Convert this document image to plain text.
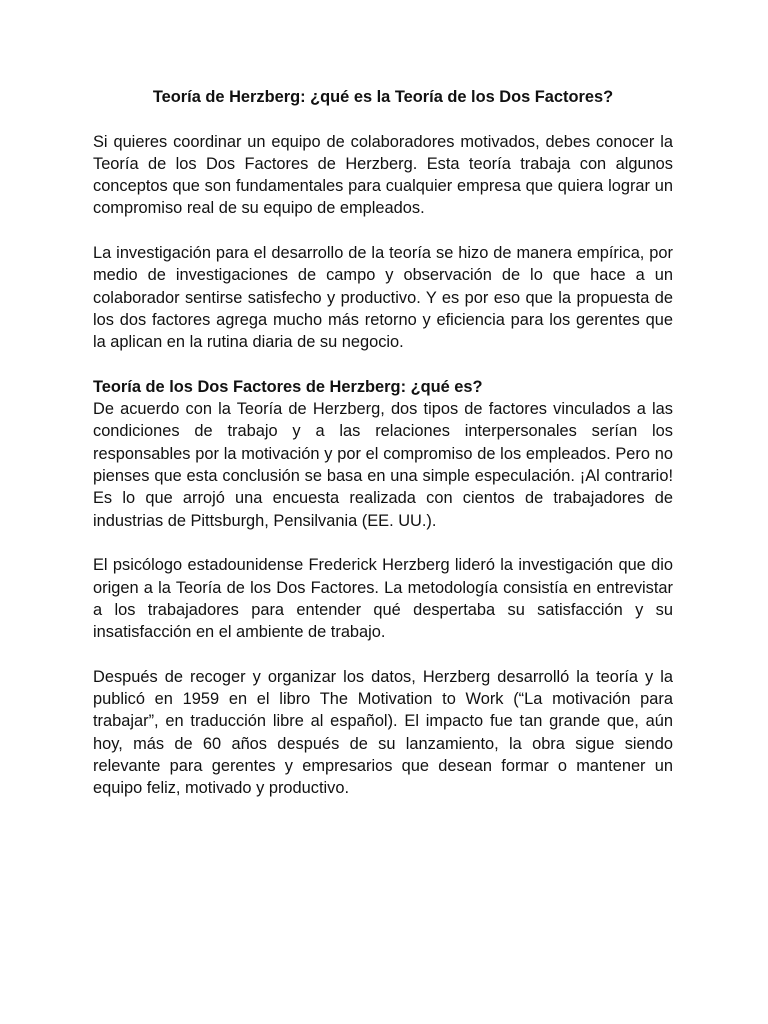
Teoría de Herzberg: ¿qué es la Teoría de los Dos Factores?

Si quieres coordinar un equipo de colaboradores motivados, debes conocer la Teoría de los Dos Factores de Herzberg. Esta teoría trabaja con algunos conceptos que son fundamentales para cualquier empresa que quiera lograr un compromiso real de su equipo de empleados.

La investigación para el desarrollo de la teoría se hizo de manera empírica, por medio de investigaciones de campo y observación de lo que hace a un colaborador sentirse satisfecho y productivo. Y es por eso que la propuesta de los dos factores agrega mucho más retorno y eficiencia para los gerentes que la aplican en la rutina diaria de su negocio.

Teoría de los Dos Factores de Herzberg: ¿qué es?

De acuerdo con la Teoría de Herzberg, dos tipos de factores vinculados a las condiciones de trabajo y a las relaciones interpersonales serían los responsables por la motivación y por el compromiso de los empleados. Pero no pienses que esta conclusión se basa en una simple especulación. ¡Al contrario! Es lo que arrojó una encuesta realizada con cientos de trabajadores de industrias de Pittsburgh, Pensilvania (EE. UU.).

El psicólogo estadounidense Frederick Herzberg lideró la investigación que dio origen a la Teoría de los Dos Factores. La metodología consistía en entrevistar a los trabajadores para entender qué despertaba su satisfacción y su insatisfacción en el ambiente de trabajo.

Después de recoger y organizar los datos, Herzberg desarrolló la teoría y la publicó en 1959 en el libro The Motivation to Work (“La motivación para trabajar”, en traducción libre al español). El impacto fue tan grande que, aún hoy, más de 60 años después de su lanzamiento, la obra sigue siendo relevante para gerentes y empresarios que desean formar o mantener un equipo feliz, motivado y productivo.
